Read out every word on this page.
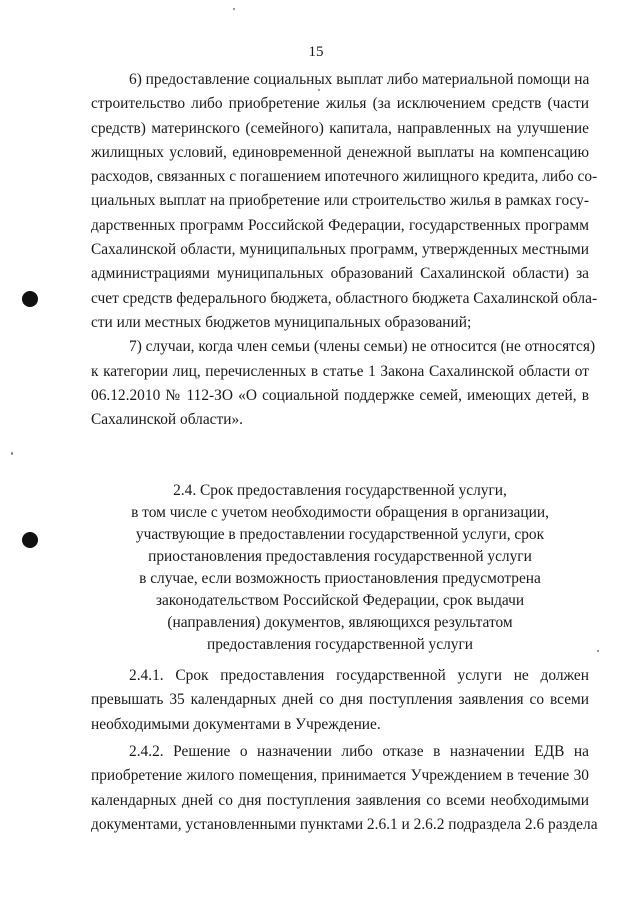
15
6) предоставление социальных выплат либо материальной помощи на
строительство либо приобретение жилья (за исключением средств (части
средств) материнского (семейного) капитала, направленных на улучшение
жилищных условий, единовременной денежной выплаты на компенсацию
расходов, связанных с погашением ипотечного жилищного кредита, либо со-
циальных выплат на приобретение или строительство жилья в рамках госу-
дарственных программ Российской Федерации, государственных программ
Сахалинской области, муниципальных программ, утвержденных местными
администрациями муниципальных образований Сахалинской области) за
счет средств федерального бюджета, областного бюджета Сахалинской обла-
сти или местных бюджетов муниципальных образований;
7) случаи, когда член семьи (члены семьи) не относится (не относятся)
к категории лиц, перечисленных в статье 1 Закона Сахалинской области от
06.12.2010 № 112-ЗО «О социальной поддержке семей, имеющих детей, в
Сахалинской области».
2.4. Срок предоставления государственной услуги,
в том числе с учетом необходимости обращения в организации,
участвующие в предоставлении государственной услуги, срок
приостановления предоставления государственной услуги
в случае, если возможность приостановления предусмотрена
законодательством Российской Федерации, срок выдачи
(направления) документов, являющихся результатом
предоставления государственной услуги
2.4.1. Срок предоставления государственной услуги не должен
превышать 35 календарных дней со дня поступления заявления со всеми
необходимыми документами в Учреждение.
2.4.2. Решение о назначении либо отказе в назначении ЕДВ на
приобретение жилого помещения, принимается Учреждением в течение 30
календарных дней со дня поступления заявления со всеми необходимыми
документами, установленными пунктами 2.6.1 и 2.6.2 подраздела 2.6 раздела
